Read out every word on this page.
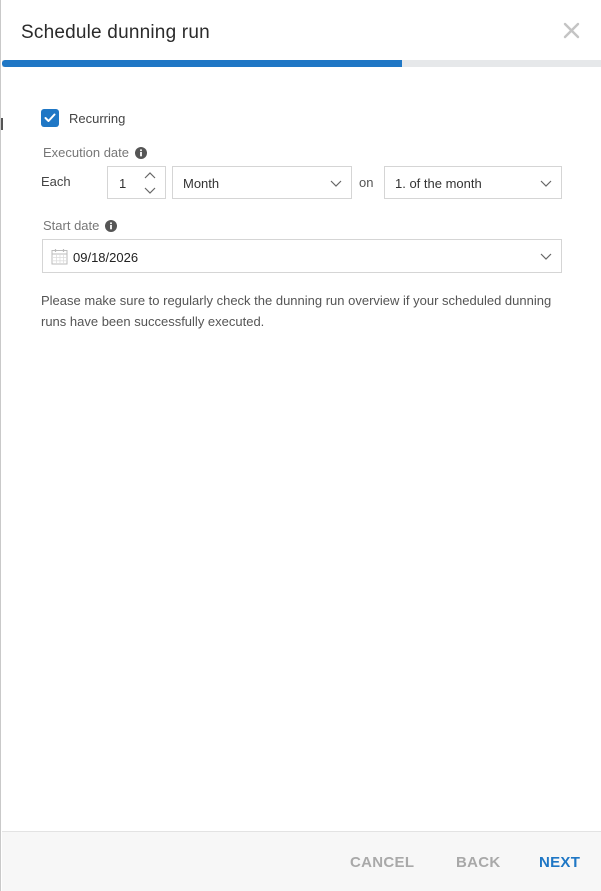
Schedule dunning run
Recurring
Execution date
Each	1	Month	on 1. of the month
Start date
09/18/2026
Please make sure to regularly check the dunning run overview if your scheduled dunning runs have been successfully executed.
CANCEL	BACK	NEXT
